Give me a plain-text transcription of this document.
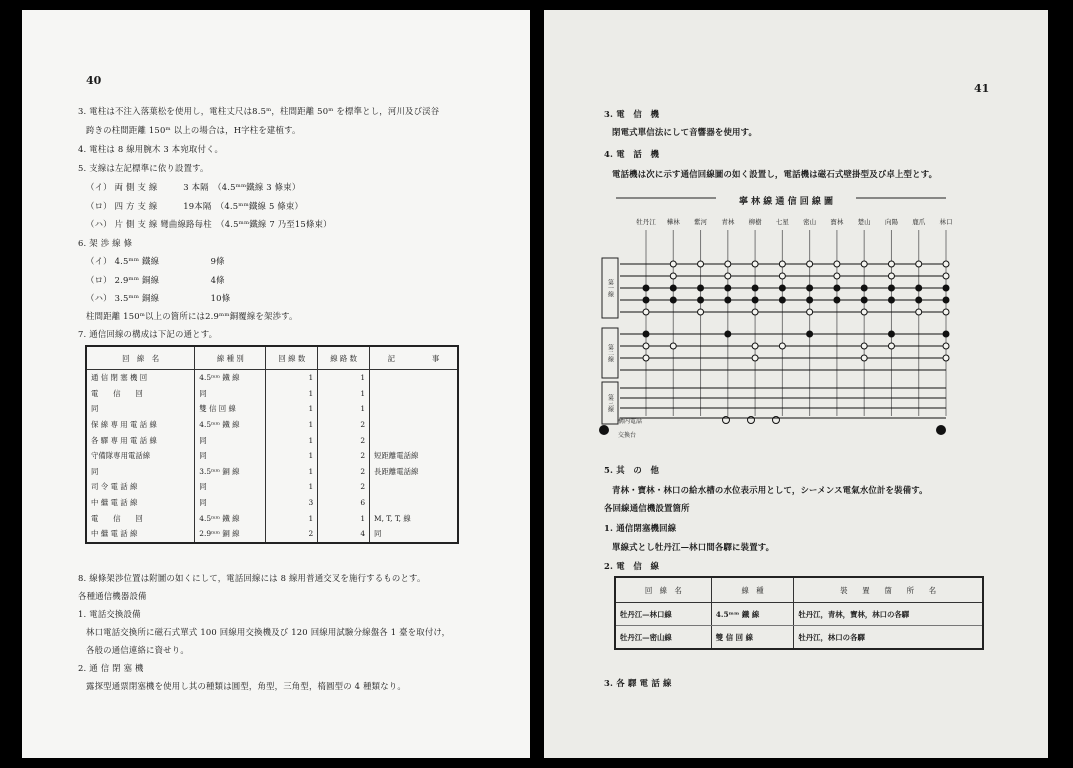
40
3. 電柱は不注入落葉松を使用し，電柱丈尺は8.5ᵐ，柱間距離 50ᵐ を標準とし，河川及び渓谷
跨きの柱間距離 150ᵐ 以上の場合は，H字柱を建植す。
4. 電柱は 8 線用腕木 3 本宛取付く。
5. 支線は左記標準に依り設置す。
（イ） 両 側 支 線　　　3 本隔　（4.5ᵐᵐ鐵線 3 條束）
（ロ） 四 方 支 線　　　19本隔　（4.5ᵐᵐ鐵線 5 條束）
（ハ） 片 側 支 線 彎曲線路每柱　（4.5ᵐᵐ鐵線 7 乃至15條束）
6. 架 渉 線 條
（イ） 4.5ᵐᵐ 鐵線　　　　　　9條
（ロ） 2.9ᵐᵐ 銅線　　　　　　4條
（ハ） 3.5ᵐᵐ 銅線　　　　　　10條
柱間距離 150ᵐ以上の箇所には2.9ᵐᵐ銅覆線を架渉す。
7. 通信回線の構成は下記の通とす。
回　線　名	線 種 別	回 線 数	線 路 数	記　　　　　事
通 信 閉 塞 機 回	4.5ᵐᵐ 鐵 線	1	1	
電　　信　　回	同	1	1	
同	雙 信 回 線	1	1	
保 線 専 用 電 話 線	4.5ᵐᵐ 鐵 線	1	2	
各 驛 専 用 電 話 線	同	1	2	
守備隊専用電話線	同	1	2	短距離電話線
同	3.5ᵐᵐ 銅 線	1	2	長距離電話線
司 令 電 話 線	同	1	2	
中 繼 電 話 線	同	3	6	
電　　信　　回	4.5ᵐᵐ 鐵 線	1	1	M, T, T, 線
中 繼 電 話 線	2.9ᵐᵐ 銅 線	2	4	同
8. 線條架渉位置は附圖の如くにして，電話回線には 8 線用普通交叉を施行するものとす。
各種通信機器設備
1. 電話交換設備
林口電話交換所に磁石式單式 100 回線用交換機及び 120 回線用試驗分線盤各 1 臺を取付け，
各般の通信連絡に資せり。
2. 通 信 閉 塞 機
露探型通票閉塞機を使用し其の種類は圓型，角型，三角型，楕圓型の 4 種類なり。
41
3. 電　信　機
閉電式單信法にして音響器を使用す。
4. 電　話　機
電話機は次に示す通信回線圖の如く設置し，電話機は磁石式壁掛型及び卓上型とす。
寧 林 線 通 信 回 線 圖
牡丹江 樺林 紫河 青林 柳樹 七星 密山 寶林 楚山 向陽 鹿爪 林口
第一線
第二線
第三線
構内電話
交換台
5. 其　の　他
青林・寶林・林口の給水槽の水位表示用として，シーメンス電氣水位計を裝備す。
各回線通信機設置箇所
1. 通信閉塞機回線
單線式とし牡丹江—林口間各驛に裝置す。
2. 電　信　線
回　線　名	線　種	裝　　置　　箇　　所　　名
牡丹江—林口線	4.5ᵐᵐ 鐵 線	牡丹江，青林，寶林，林口の各驛
牡丹江—密山線	雙 信 回 線	牡丹江，林口の各驛
3. 各 驛 電 話 線
